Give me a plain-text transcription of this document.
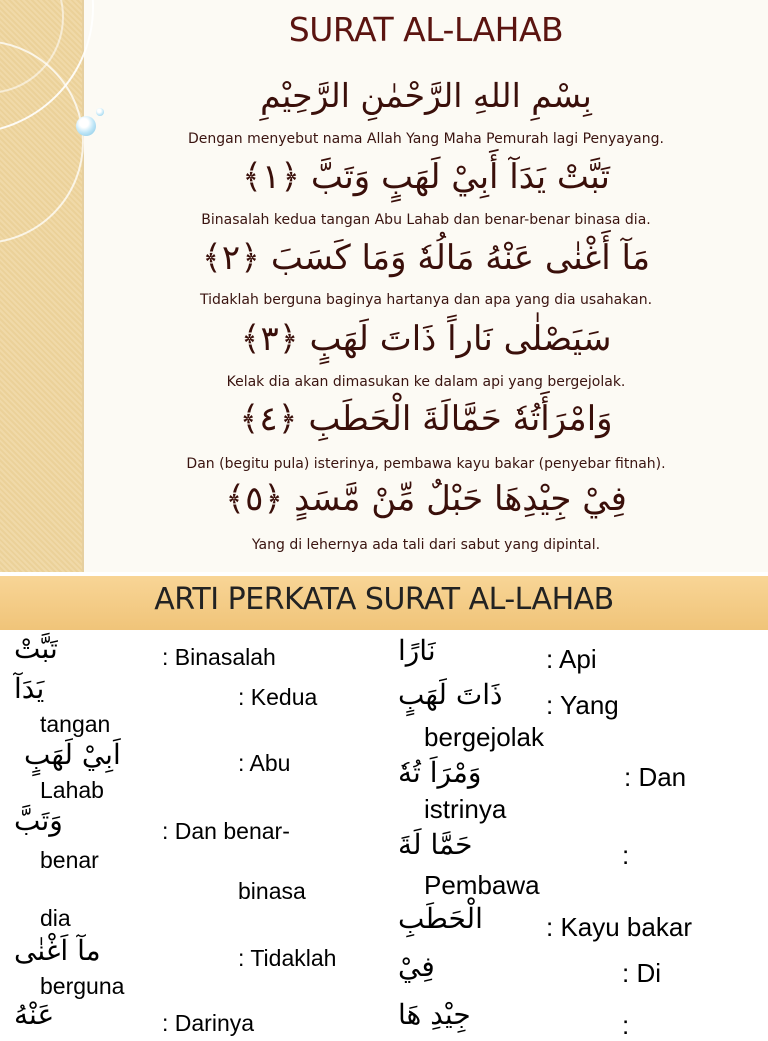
SURAT AL-LAHAB
بِسْمِ اللهِ الرَّحْمٰنِ الرَّحِيْمِ
Dengan menyebut nama Allah Yang Maha Pemurah lagi Penyayang.
تَبَّتْ يَدَآ أَبِيْ لَهَبٍ وَتَبَّ ﴿١﴾
Binasalah kedua tangan Abu Lahab dan benar-benar binasa dia.
مَآ أَغْنٰى عَنْهُ مَالُهٗ وَمَا كَسَبَ ﴿٢﴾
Tidaklah berguna baginya hartanya dan apa yang dia usahakan.
سَيَصْلٰى نَاراً ذَاتَ لَهَبٍ ﴿٣﴾
Kelak dia akan dimasukan ke dalam api yang bergejolak.
وَامْرَأَتُهٗ حَمَّالَةَ الْحَطَبِ ﴿٤﴾
Dan (begitu pula) isterinya, pembawa kayu bakar (penyebar fitnah).
فِيْ جِيْدِهَا حَبْلٌ مِّنْ مَّسَدٍ ﴿٥﴾
Yang di lehernya ada tali dari sabut yang dipintal.
ARTI PERKATA SURAT AL-LAHAB
تَبَّتْ	: Binasalah
يَدَآ	: Kedua
tangan
اَبِيْ لَهَبٍ	: Abu
Lahab
وَتَبَّ	: Dan benar-
benar
binasa
dia
مآ اَغْنٰى	: Tidaklah
berguna
عَنْهُ	: Darinya
نَارًا	: Api
ذَاتَ لَهَبٍ : Yang
bergejolak
وَمْرَاَ تُهٗ	: Dan
istrinya
حَمَّا لَةَ	:
Pembawa
الْحَطَبِ : Kayu bakar
فِيْ	: Di
جِيْدِ هَا	:
